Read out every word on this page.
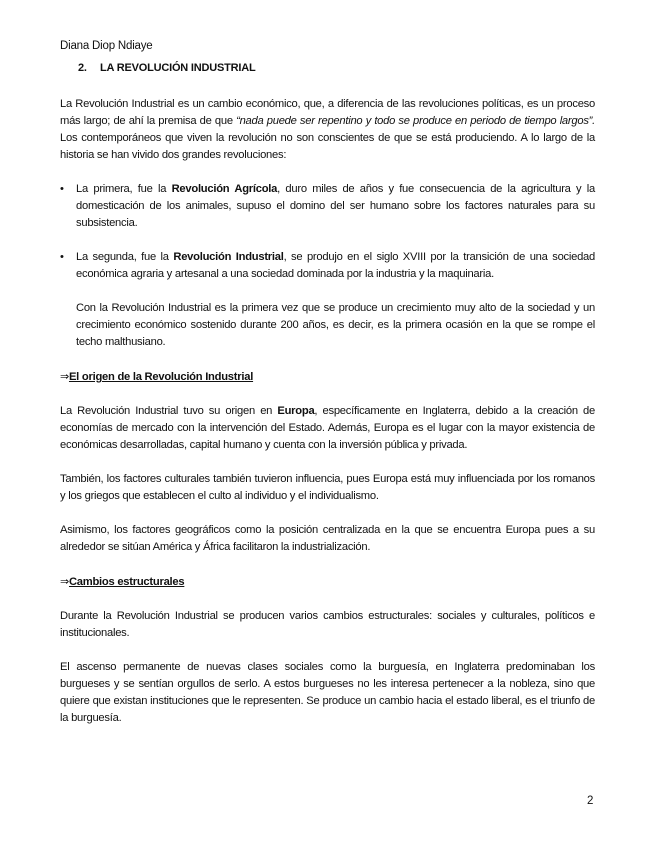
Diana Diop Ndiaye
2. LA REVOLUCIÓN INDUSTRIAL

La Revolución Industrial es un cambio económico, que, a diferencia de las revoluciones políticas, es un proceso más largo; de ahí la premisa de que “nada puede ser repentino y todo se produce en periodo de tiempo largos”. Los contemporáneos que viven la revolución no son conscientes de que se está produciendo. A lo largo de la historia se han vivido dos grandes revoluciones:

• La primera, fue la Revolución Agrícola, duro miles de años y fue consecuencia de la agricultura y la domesticación de los animales, supuso el domino del ser humano sobre los factores naturales para su subsistencia.
• La segunda, fue la Revolución Industrial, se produjo en el siglo XVIII por la transición de una sociedad económica agraria y artesanal a una sociedad dominada por la industria y la maquinaria.

Con la Revolución Industrial es la primera vez que se produce un crecimiento muy alto de la sociedad y un crecimiento económico sostenido durante 200 años, es decir, es la primera ocasión en la que se rompe el techo malthusiano.

⇒El origen de la Revolución Industrial

La Revolución Industrial tuvo su origen en Europa, específicamente en Inglaterra, debido a la creación de economías de mercado con la intervención del Estado. Además, Europa es el lugar con la mayor existencia de económicas desarrolladas, capital humano y cuenta con la inversión pública y privada.

También, los factores culturales también tuvieron influencia, pues Europa está muy influenciada por los romanos y los griegos que establecen el culto al individuo y el individualismo.

Asimismo, los factores geográficos como la posición centralizada en la que se encuentra Europa pues a su alrededor se sitúan América y África facilitaron la industrialización.

⇒Cambios estructurales

Durante la Revolución Industrial se producen varios cambios estructurales: sociales y culturales, políticos e institucionales.

El ascenso permanente de nuevas clases sociales como la burguesía, en Inglaterra predominaban los burgueses y se sentían orgullos de serlo. A estos burgueses no les interesa pertenecer a la nobleza, sino que quiere que existan instituciones que le representen. Se produce un cambio hacia el estado liberal, es el triunfo de la burguesía.

2
